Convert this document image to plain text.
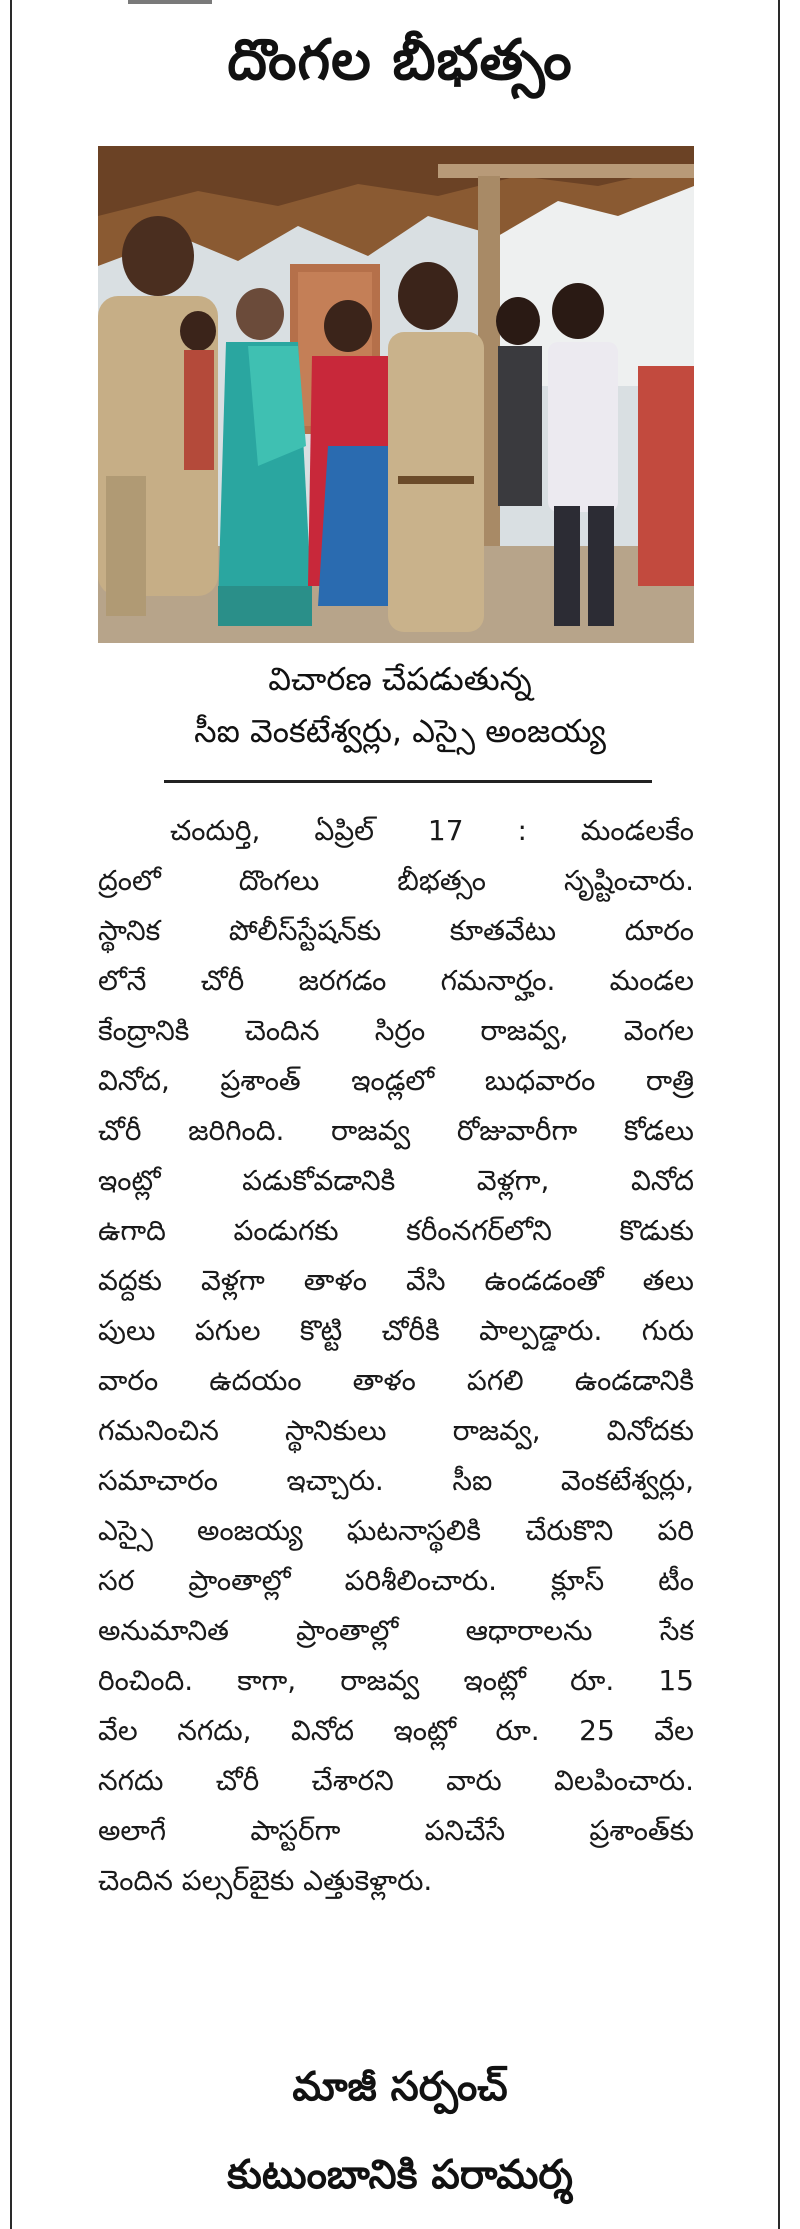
దొంగల బీభత్సం
విచారణ చేపడుతున్న
సీఐ వెంకటేశ్వర్లు, ఎస్సై అంజయ్య
చందుర్తి, ఏప్రిల్ 17 : మండలకేం
ద్రంలో దొంగలు బీభత్సం సృష్టించారు.
స్థానిక పోలీస్‌స్టేషన్‌కు కూతవేటు దూరం
లోనే చోరీ జరగడం గమనార్హం. మండల
కేంద్రానికి చెందిన సిర్రం రాజవ్వ, వెంగల
వినోద, ప్రశాంత్ ఇండ్లలో బుధవారం రాత్రి
చోరీ జరిగింది. రాజవ్వ రోజువారీగా కోడలు
ఇంట్లో పడుకోవడానికి వెళ్లగా, వినోద
ఉగాది పండుగకు కరీంనగర్‌లోని కొడుకు
వద్దకు వెళ్లగా తాళం వేసి ఉండడంతో తలు
పులు పగుల కొట్టి చోరీకి పాల్పడ్డారు. గురు
వారం ఉదయం తాళం పగలి ఉండడానికి
గమనించిన స్థానికులు రాజవ్వ, వినోదకు
సమాచారం ఇచ్చారు. సీఐ వెంకటేశ్వర్లు,
ఎస్సై అంజయ్య ఘటనాస్థలికి చేరుకొని పరి
సర ప్రాంతాల్లో పరిశీలించారు. క్లూస్ టీం
అనుమానిత ప్రాంతాల్లో ఆధారాలను సేక
రించింది. కాగా, రాజవ్వ ఇంట్లో రూ. 15
వేల నగదు, వినోద ఇంట్లో రూ. 25 వేల
నగదు చోరీ చేశారని వారు విలపించారు.
అలాగే పాస్టర్‌గా పనిచేసే ప్రశాంత్‌కు
చెందిన పల్సర్‌బైకు ఎత్తుకెళ్లారు.
మాజీ సర్పంచ్
కుటుంబానికి పరామర్శ
